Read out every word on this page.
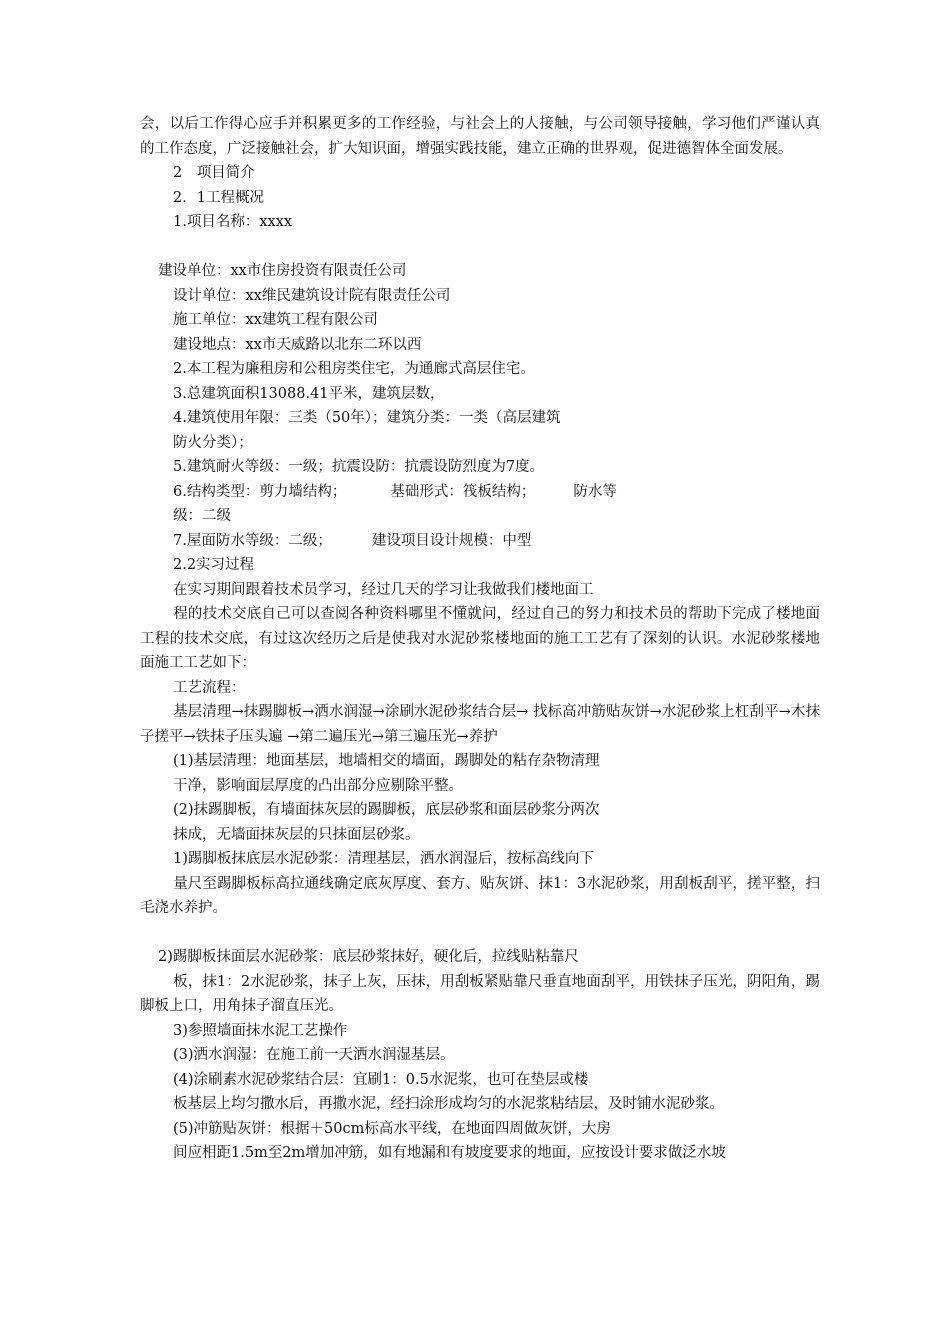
会，以后工作得心应手并积累更多的工作经验，与社会上的人接触，与公司领导接触，学习他们严谨认真的工作态度，广泛接触社会，扩大知识面，增强实践技能，建立正确的世界观，促进德智体全面发展。
2　项目简介
2．1工程概况
1.项目名称：xxxx
建设单位：xx市住房投资有限责任公司
设计单位：xx维民建筑设计院有限责任公司
施工单位：xx建筑工程有限公司
建设地点：xx市天威路以北东二环以西
2.本工程为廉租房和公租房类住宅，为通廊式高层住宅。
3.总建筑面积13088.41平米，建筑层数，
4.建筑使用年限：三类（50年）；建筑分类：一类（高层建筑
防火分类）；
5.建筑耐火等级：一级；抗震设防：抗震设防烈度为7度。
6.结构类型：剪力墙结构；	基础形式：筏板结构；	防水等
级：二级
7.屋面防水等级：二级；	建设项目设计规模：中型
2.2实习过程
在实习期间跟着技术员学习，经过几天的学习让我做我们楼地面工
程的技术交底自己可以查阅各种资料哪里不懂就问，经过自己的努力和技术员的帮助下完成了楼地面工程的技术交底，有过这次经历之后是使我对水泥砂浆楼地面的施工工艺有了深刻的认识。水泥砂浆楼地面施工工艺如下：
工艺流程：
基层清理→抹踢脚板→洒水润湿→涂刷水泥砂浆结合层→ 找标高冲筋贴灰饼→水泥砂浆上杠刮平→木抹子搓平→铁抹子压头遍 →第二遍压光→第三遍压光→养护
(1)基层清理：地面基层，地墙相交的墙面，踢脚处的粘存杂物清理
干净，影响面层厚度的凸出部分应剔除平整。
(2)抹踢脚板，有墙面抹灰层的踢脚板，底层砂浆和面层砂浆分两次
抹成，无墙面抹灰层的只抹面层砂浆。
1)踢脚板抹底层水泥砂浆：清理基层，洒水润湿后，按标高线向下
量尺至踢脚板标高拉通线确定底灰厚度、套方、贴灰饼、抹1：3水泥砂浆，用刮板刮平，搓平整，扫毛浇水养护。
2)踢脚板抹面层水泥砂浆：底层砂浆抹好，硬化后，拉线贴粘靠尺
板，抹1：2水泥砂浆，抹子上灰，压抹，用刮板紧贴靠尺垂直地面刮平，用铁抹子压光，阴阳角，踢脚板上口，用角抹子溜直压光。
3)参照墙面抹水泥工艺操作
(3)洒水润湿：在施工前一天洒水润湿基层。
(4)涂刷素水泥砂浆结合层：宜刷1：0.5水泥浆，也可在垫层或楼
板基层上均匀撒水后，再撒水泥，经扫涂形成均匀的水泥浆粘结层，及时铺水泥砂浆。
(5)冲筋贴灰饼：根据＋50cm标高水平线，在地面四周做灰饼，大房
间应相距1.5m至2m增加冲筋，如有地漏和有坡度要求的地面，应按设计要求做泛水坡
